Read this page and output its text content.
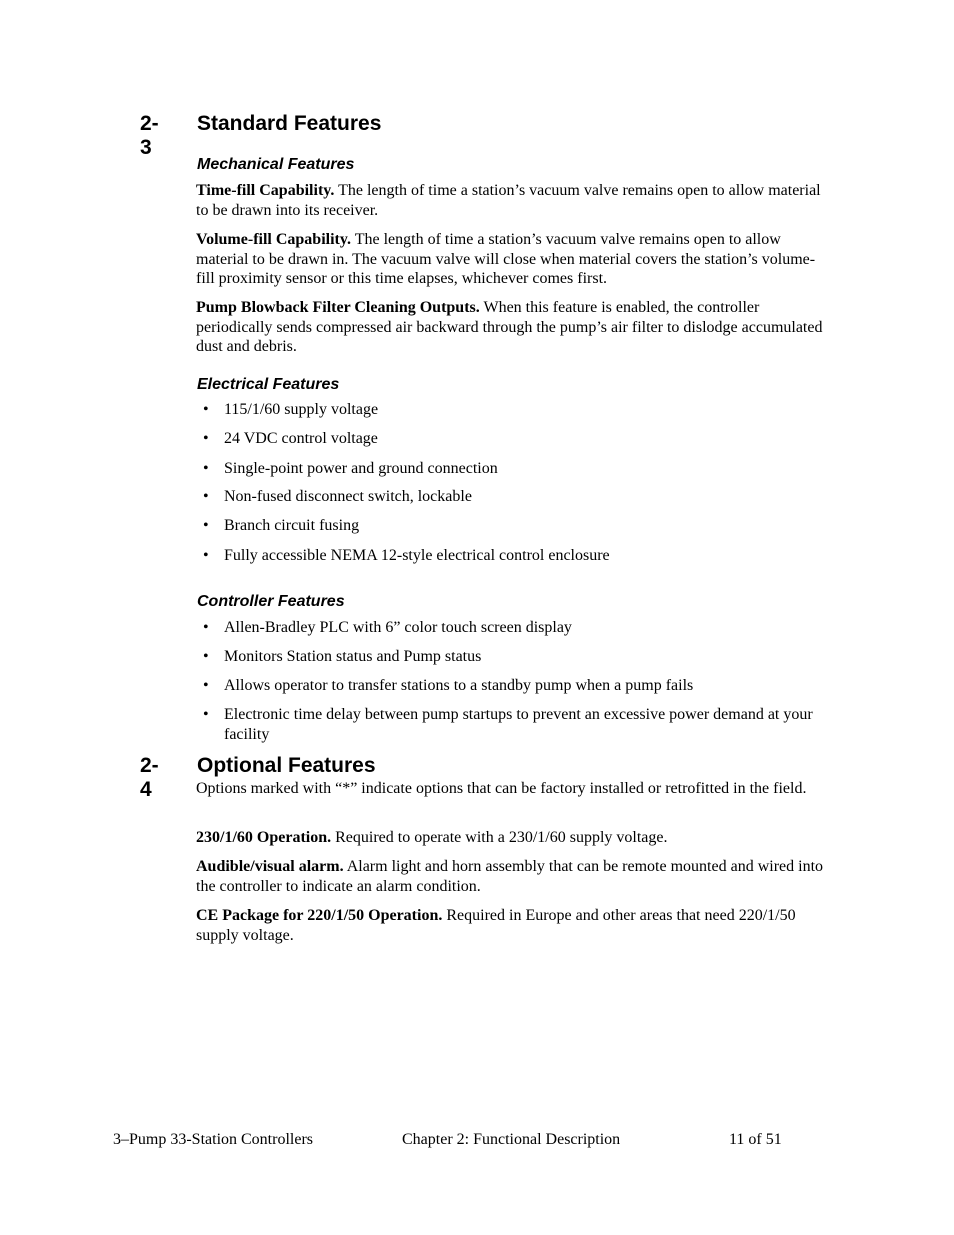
2-3
Standard Features
Mechanical Features

Time-fill Capability. The length of time a station’s vacuum valve remains open to allow material to be drawn into its receiver.

Volume-fill Capability. The length of time a station’s vacuum valve remains open to allow material to be drawn in. The vacuum valve will close when material covers the station’s volume-fill proximity sensor or this time elapses, whichever comes first.

Pump Blowback Filter Cleaning Outputs. When this feature is enabled, the controller periodically sends compressed air backward through the pump’s air filter to dislodge accumulated dust and debris.

Electrical Features
• 115/1/60 supply voltage
• 24 VDC control voltage
• Single-point power and ground connection
• Non-fused disconnect switch, lockable
• Branch circuit fusing
• Fully accessible NEMA 12-style electrical control enclosure
Controller Features
• Allen-Bradley PLC with 6” color touch screen display
• Monitors Station status and Pump status
• Allows operator to transfer stations to a standby pump when a pump fails
• Electronic time delay between pump startups to prevent an excessive power demand at your facility
2-4
Optional Features

Options marked with “*” indicate options that can be factory installed or retrofitted in the field.

230/1/60 Operation. Required to operate with a 230/1/60 supply voltage.

Audible/visual alarm. Alarm light and horn assembly that can be remote mounted and wired into the controller to indicate an alarm condition.

CE Package for 220/1/50 Operation. Required in Europe and other areas that need 220/1/50 supply voltage.

3–Pump 33-Station Controllers	Chapter 2: Functional Description	11 of 51
